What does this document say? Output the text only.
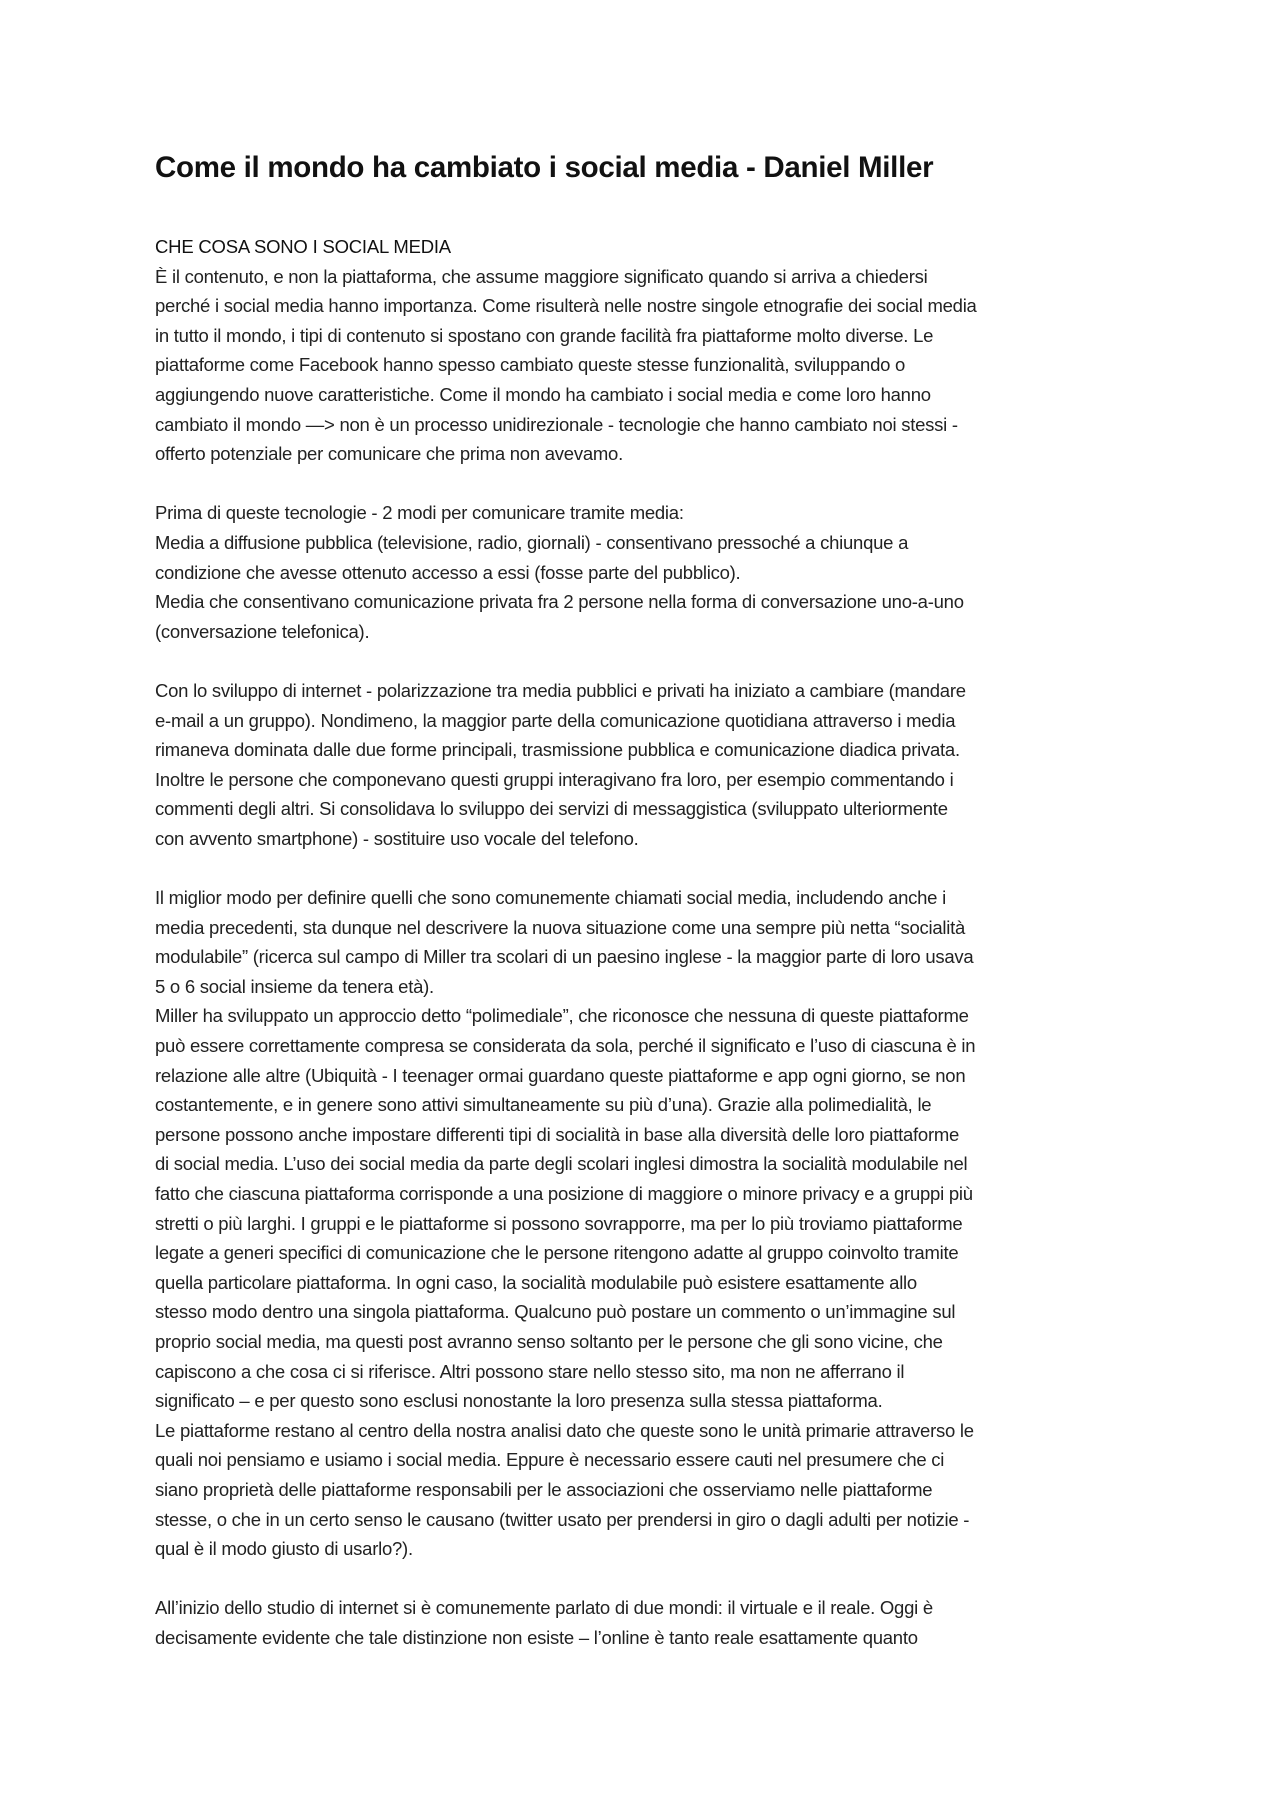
Come il mondo ha cambiato i social media - Daniel Miller
CHE COSA SONO I SOCIAL MEDIA
È il contenuto, e non la piattaforma, che assume maggiore significato quando si arriva a chiedersi
perché i social media hanno importanza. Come risulterà nelle nostre singole etnografie dei social media
in tutto il mondo, i tipi di contenuto si spostano con grande facilità fra piattaforme molto diverse. Le
piattaforme come Facebook hanno spesso cambiato queste stesse funzionalità, sviluppando o
aggiungendo nuove caratteristiche. Come il mondo ha cambiato i social media e come loro hanno
cambiato il mondo —> non è un processo unidirezionale - tecnologie che hanno cambiato noi stessi -
offerto potenziale per comunicare che prima non avevamo.
Prima di queste tecnologie - 2 modi per comunicare tramite media:
Media a diffusione pubblica (televisione, radio, giornali) - consentivano pressoché a chiunque a
condizione che avesse ottenuto accesso a essi (fosse parte del pubblico).
Media che consentivano comunicazione privata fra 2 persone nella forma di conversazione uno-a-uno
(conversazione telefonica).
Con lo sviluppo di internet - polarizzazione tra media pubblici e privati ha iniziato a cambiare (mandare
e-mail a un gruppo). Nondimeno, la maggior parte della comunicazione quotidiana attraverso i media
rimaneva dominata dalle due forme principali, trasmissione pubblica e comunicazione diadica privata.
Inoltre le persone che componevano questi gruppi interagivano fra loro, per esempio commentando i
commenti degli altri. Si consolidava lo sviluppo dei servizi di messaggistica (sviluppato ulteriormente
con avvento smartphone) - sostituire uso vocale del telefono.
Il miglior modo per definire quelli che sono comunemente chiamati social media, includendo anche i
media precedenti, sta dunque nel descrivere la nuova situazione come una sempre più netta “socialità
modulabile” (ricerca sul campo di Miller tra scolari di un paesino inglese - la maggior parte di loro usava
5 o 6 social insieme da tenera età).
Miller ha sviluppato un approccio detto “polimediale”, che riconosce che nessuna di queste piattaforme
può essere correttamente compresa se considerata da sola, perché il significato e l’uso di ciascuna è in
relazione alle altre (Ubiquità - I teenager ormai guardano queste piattaforme e app ogni giorno, se non
costantemente, e in genere sono attivi simultaneamente su più d’una). Grazie alla polimedialità, le
persone possono anche impostare differenti tipi di socialità in base alla diversità delle loro piattaforme
di social media. L’uso dei social media da parte degli scolari inglesi dimostra la socialità modulabile nel
fatto che ciascuna piattaforma corrisponde a una posizione di maggiore o minore privacy e a gruppi più
stretti o più larghi. I gruppi e le piattaforme si possono sovrapporre, ma per lo più troviamo piattaforme
legate a generi specifici di comunicazione che le persone ritengono adatte al gruppo coinvolto tramite
quella particolare piattaforma. In ogni caso, la socialità modulabile può esistere esattamente allo
stesso modo dentro una singola piattaforma. Qualcuno può postare un commento o un’immagine sul
proprio social media, ma questi post avranno senso soltanto per le persone che gli sono vicine, che
capiscono a che cosa ci si riferisce. Altri possono stare nello stesso sito, ma non ne afferrano il
significato – e per questo sono esclusi nonostante la loro presenza sulla stessa piattaforma.
Le piattaforme restano al centro della nostra analisi dato che queste sono le unità primarie attraverso le
quali noi pensiamo e usiamo i social media. Eppure è necessario essere cauti nel presumere che ci
siano proprietà delle piattaforme responsabili per le associazioni che osserviamo nelle piattaforme
stesse, o che in un certo senso le causano (twitter usato per prendersi in giro o dagli adulti per notizie -
qual è il modo giusto di usarlo?).
All’inizio dello studio di internet si è comunemente parlato di due mondi: il virtuale e il reale. Oggi è
decisamente evidente che tale distinzione non esiste – l’online è tanto reale esattamente quanto
